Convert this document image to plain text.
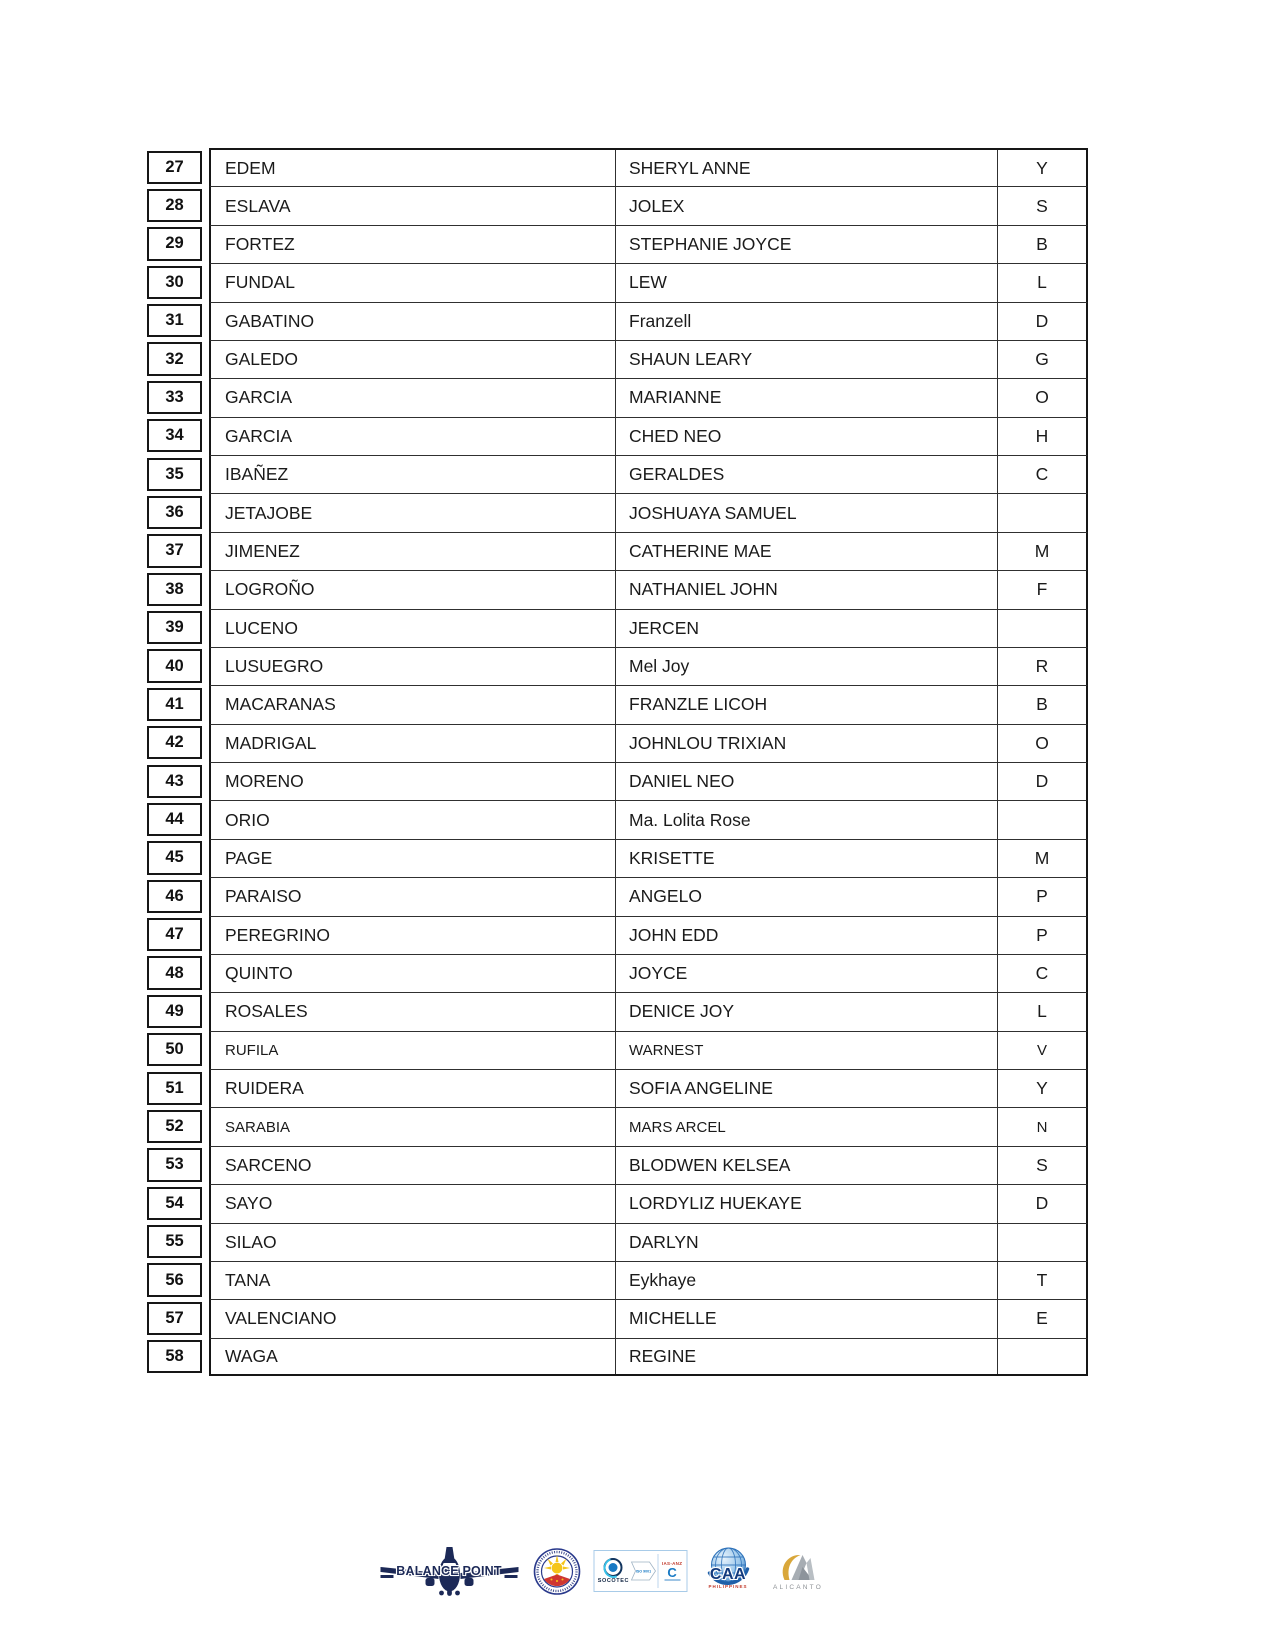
27	EDEM	SHERYL ANNE	Y
28	ESLAVA	JOLEX	S
29	FORTEZ	STEPHANIE JOYCE	B
30	FUNDAL	LEW	L
31	GABATINO	Franzell	D
32	GALEDO	SHAUN LEARY	G
33	GARCIA	MARIANNE	O
34	GARCIA	CHED NEO	H
35	IBAÑEZ	GERALDES	C
36	JETAJOBE	JOSHUAYA SAMUEL
37	JIMENEZ	CATHERINE MAE	M
38	LOGROÑO	NATHANIEL JOHN	F
39	LUCENO	JERCEN
40	LUSUEGRO	Mel Joy	R
41	MACARANAS	FRANZLE LICOH	B
42	MADRIGAL	JOHNLOU TRIXIAN	O
43	MORENO	DANIEL NEO	D
44	ORIO	Ma. Lolita Rose
45	PAGE	KRISETTE	M
46	PARAISO	ANGELO	P
47	PEREGRINO	JOHN EDD	P
48	QUINTO	JOYCE	C
49	ROSALES	DENICE JOY	L
50	RUFILA	WARNEST	V
51	RUIDERA	SOFIA ANGELINE	Y
52	SARABIA	MARS ARCEL	N
53	SARCENO	BLODWEN KELSEA	S
54	SAYO	LORDYLIZ HUEKAYE	D
55	SILAO	DARLYN
56	TANA	Eykhaye	T
57	VALENCIANO	MICHELLE	E
58	WAGA	REGINE
BALANCE POINT
SOCOTEC
ISO 9001
IAS-ANZ
C	CAA
PHILIPPINES	ALICANTO
